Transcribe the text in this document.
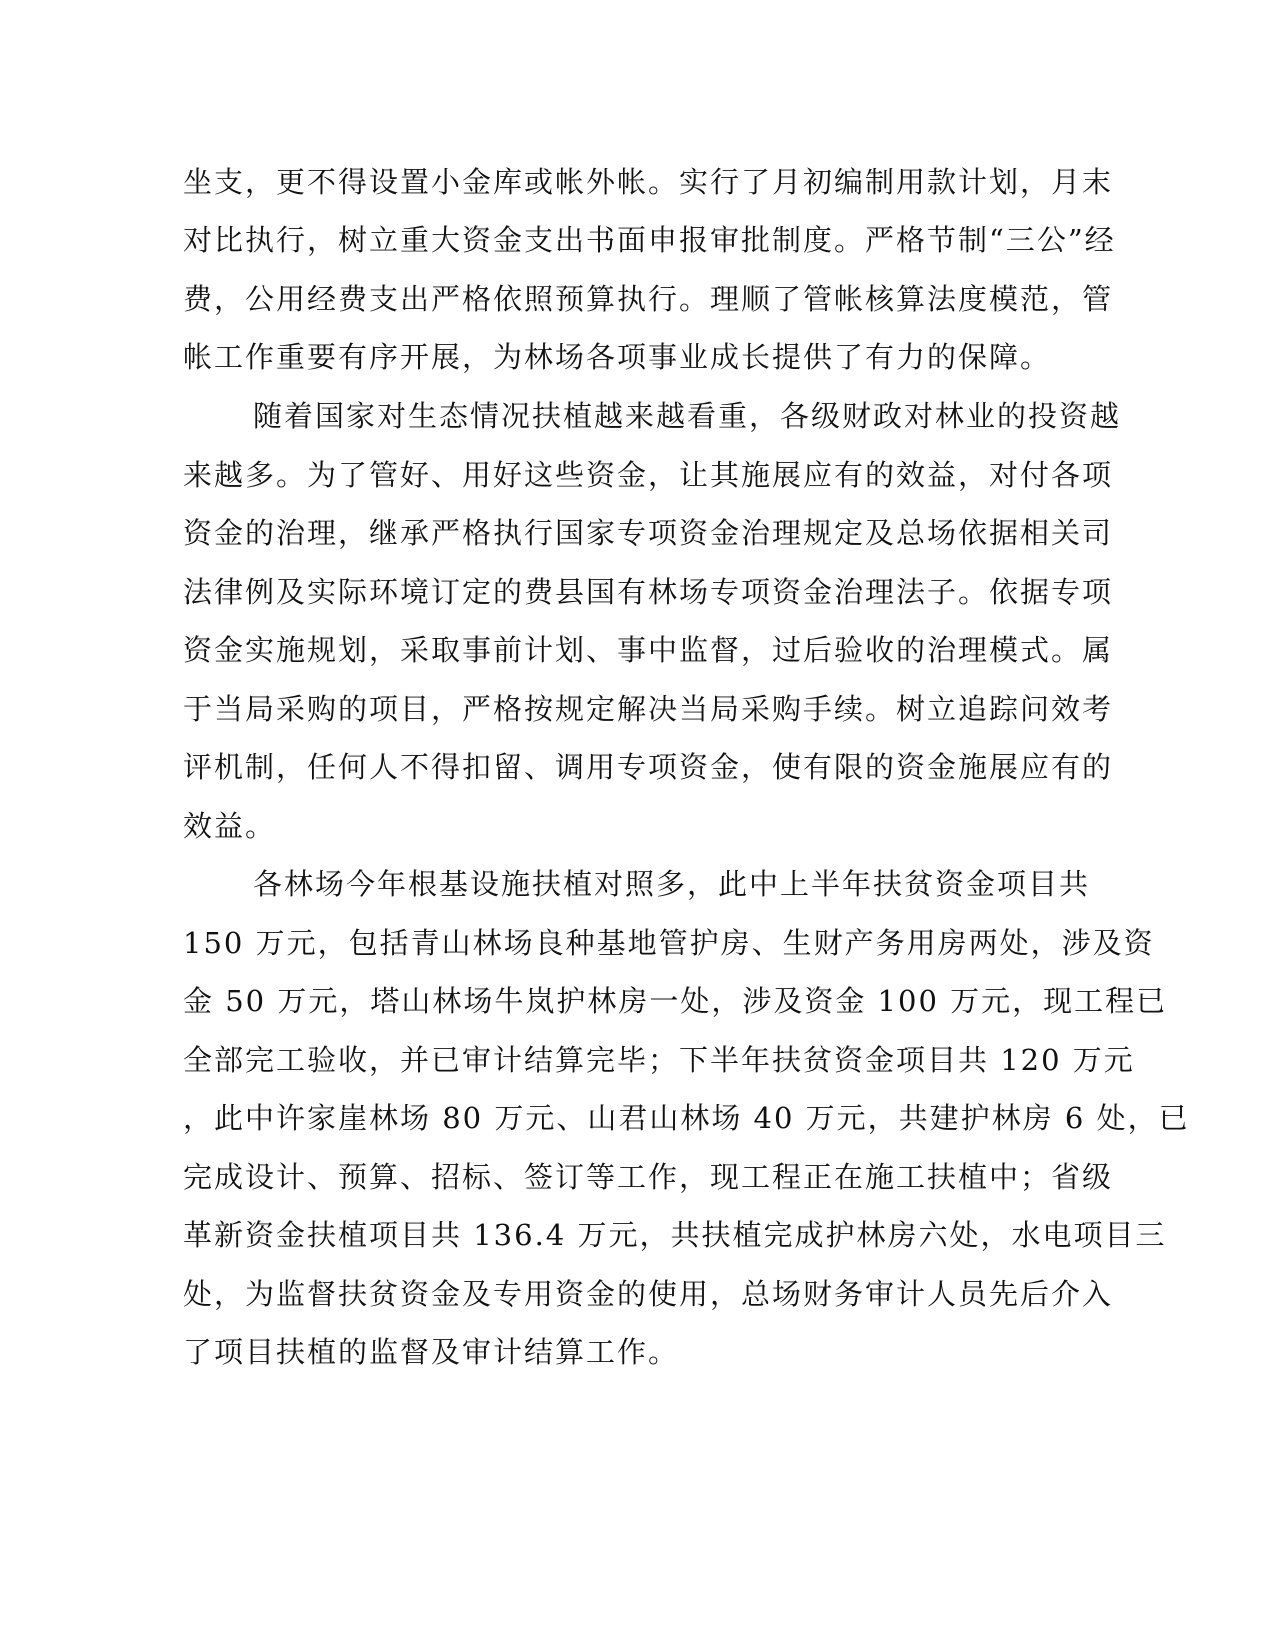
坐支，更不得设置小金库或帐外帐。实行了月初编制用款计划，月末
对比执行，树立重大资金支出书面申报审批制度。严格节制“三公”经
费，公用经费支出严格依照预算执行。理顺了管帐核算法度模范，管
帐工作重要有序开展，为林场各项事业成长提供了有力的保障。
随着国家对生态情况扶植越来越看重，各级财政对林业的投资越
来越多。为了管好、用好这些资金，让其施展应有的效益，对付各项
资金的治理，继承严格执行国家专项资金治理规定及总场依据相关司
法律例及实际环境订定的费县国有林场专项资金治理法子。依据专项
资金实施规划，采取事前计划、事中监督，过后验收的治理模式。属
于当局采购的项目，严格按规定解决当局采购手续。树立追踪问效考
评机制，任何人不得扣留、调用专项资金，使有限的资金施展应有的
效益。
各林场今年根基设施扶植对照多，此中上半年扶贫资金项目共
150 万元，包括青山林场良种基地管护房、生财产务用房两处，涉及资
金 50 万元，塔山林场牛岚护林房一处，涉及资金 100 万元，现工程已
全部完工验收，并已审计结算完毕；下半年扶贫资金项目共 120 万元
，此中许家崖林场 80 万元、山君山林场 40 万元，共建护林房 6 处，已
完成设计、预算、招标、签订等工作，现工程正在施工扶植中；省级
革新资金扶植项目共 136.4 万元，共扶植完成护林房六处，水电项目三
处，为监督扶贫资金及专用资金的使用，总场财务审计人员先后介入
了项目扶植的监督及审计结算工作。
